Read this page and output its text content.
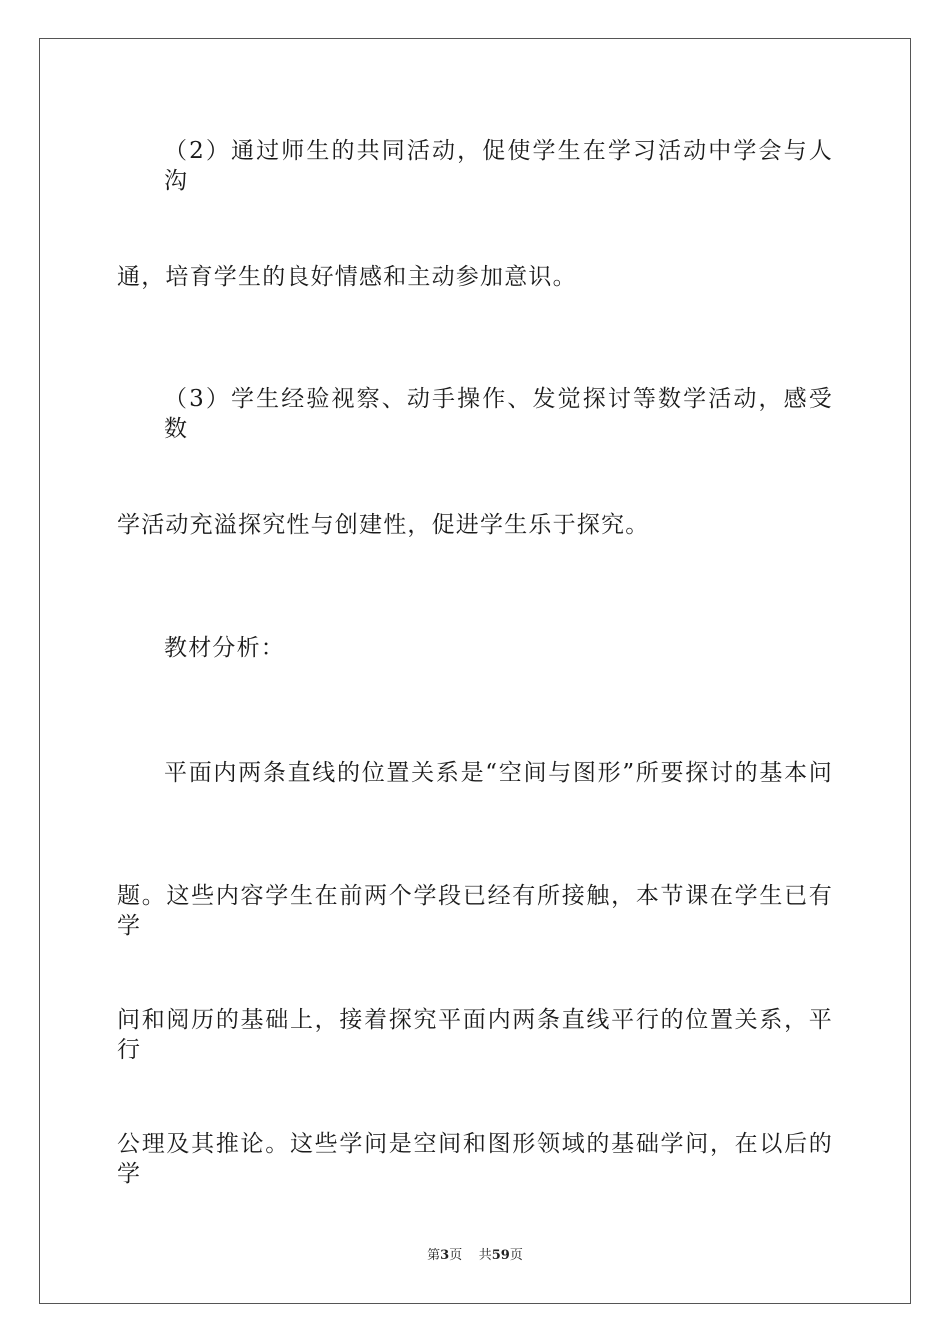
（2）通过师生的共同活动，促使学生在学习活动中学会与人沟
通，培育学生的良好情感和主动参加意识。
（3）学生经验视察、动手操作、发觉探讨等数学活动，感受数
学活动充溢探究性与创建性，促进学生乐于探究。
教材分析：
平面内两条直线的位置关系是“空间与图形”所要探讨的基本问
题。这些内容学生在前两个学段已经有所接触，本节课在学生已有学
问和阅历的基础上，接着探究平面内两条直线平行的位置关系，平行
公理及其推论。这些学问是空间和图形领域的基础学问，在以后的学
第3页 共59页
